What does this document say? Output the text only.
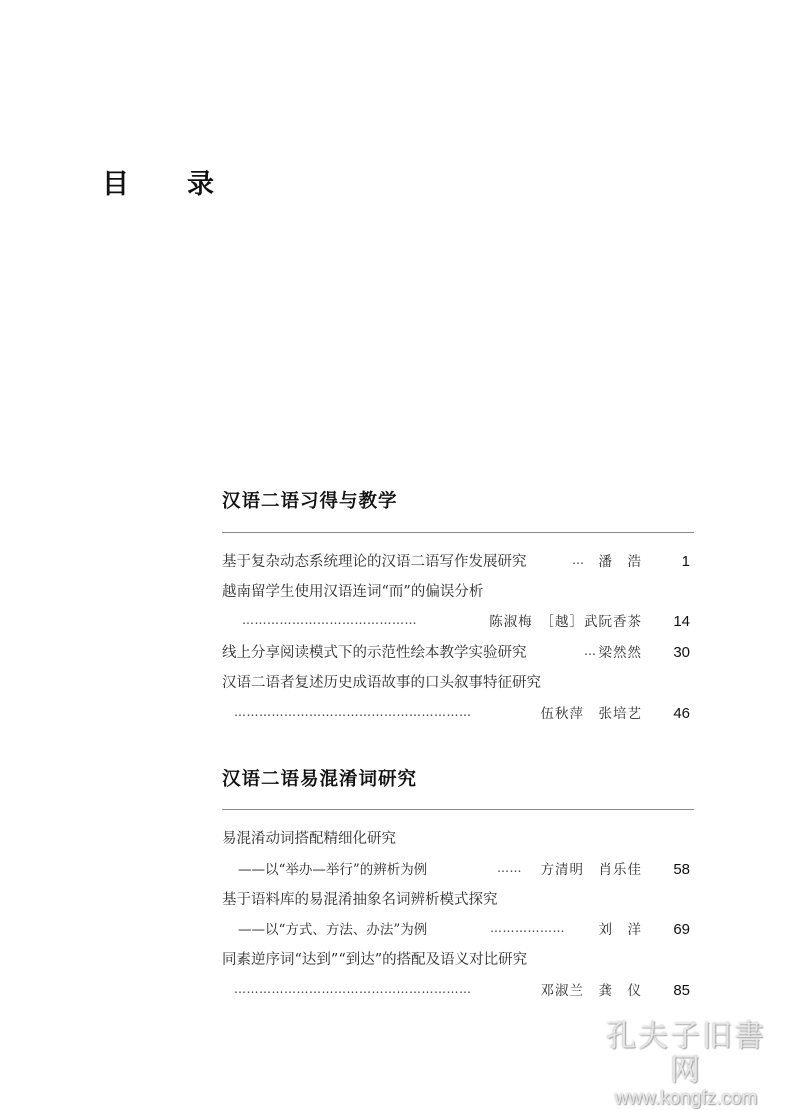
目 录
汉语二语习得与教学
基于复杂动态系统理论的汉语二语写作发展研究	… 潘　浩	1
越南留学生使用汉语连词“而”的偏误分析
……………………………………	陈淑梅　［越］武阮香茶 14
线上分享阅读模式下的示范性绘本教学实验研究	… 梁然然 30
汉语二语者复述历史成语故事的口头叙事特征研究
…………………………………………………	伍秋萍　张培艺 46
汉语二语易混淆词研究
易混淆动词搭配精细化研究
——以“举办—举行”的辨析为例	…… 方清明　肖乐佳 58
基于语料库的易混淆抽象名词辨析模式探究
——以“方式、方法、办法”为例	……………… 刘　洋 69
同素逆序词“达到”“到达”的搭配及语义对比研究
…………………………………………………	邓淑兰　龚　仪 85
孔夫子旧書网
www.kongfz.com
